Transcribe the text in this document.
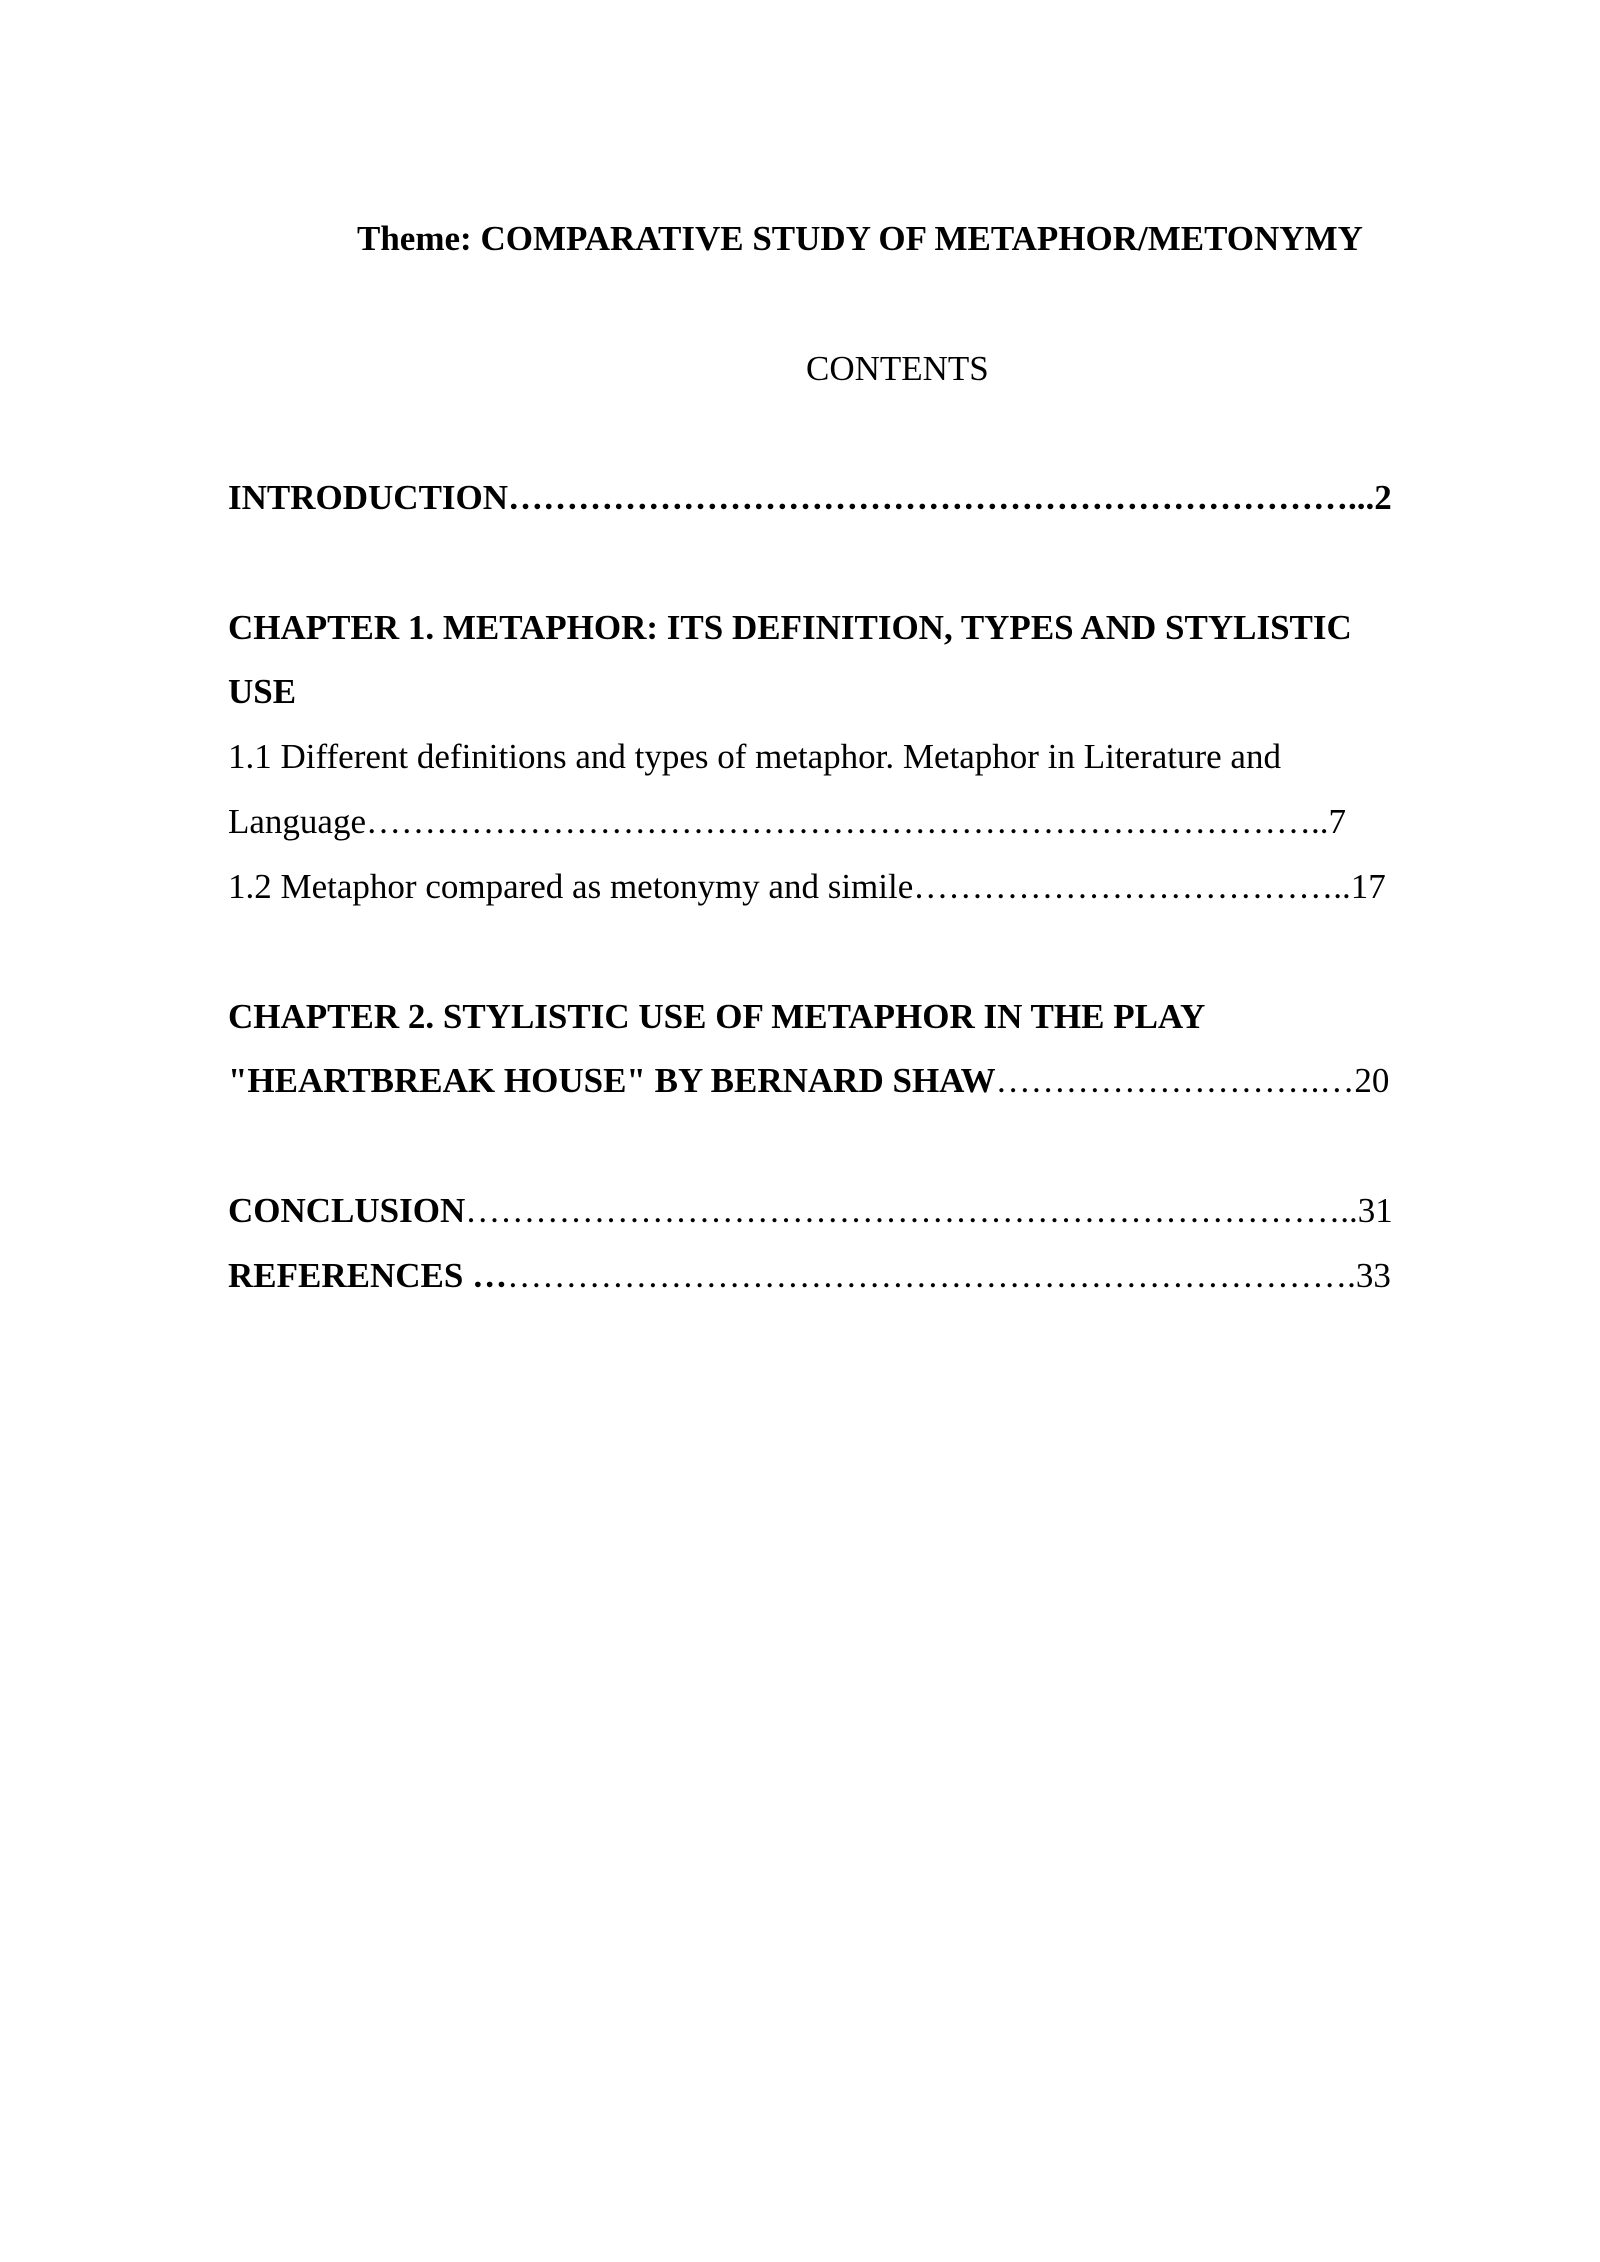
Theme: COMPARATIVE STUDY OF METAPHOR/METONYMY
CONTENTS
INTRODUCTION………………………………………………………………...2
CHAPTER 1. METAPHOR: ITS DEFINITION, TYPES AND STYLISTIC
USE
1.1 Different definitions and types of metaphor. Metaphor in Literature and
Language………………………………………………………………………..7
1.2 Metaphor compared as metonymy and simile………………………………..17
CHAPTER 2. STYLISTIC USE OF METAPHOR IN THE PLAY
"HEARTBREAK HOUSE" BY BERNARD SHAW……………………….…20
CONCLUSION…………………………………………………………………..31
REFERENCES ………………………………………………………………….33
